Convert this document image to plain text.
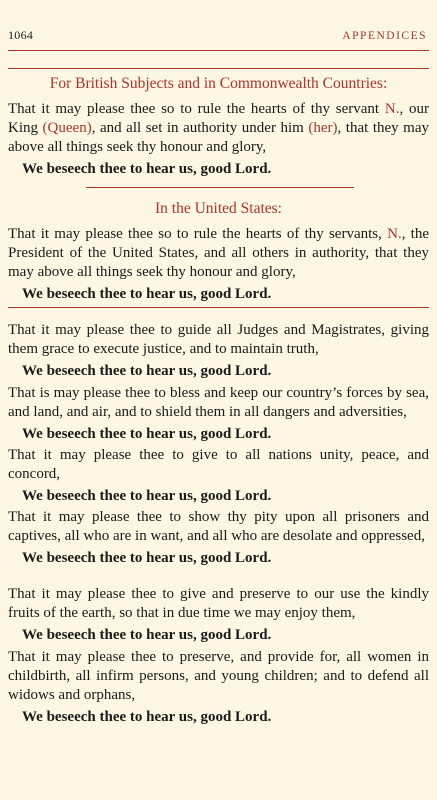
1064	APPENDICES
For British Subjects and in Commonwealth Countries:

That it may please thee so to rule the hearts of thy servant N., our King (Queen), and all set in authority under him (her), that they may above all things seek thy honour and glory,

We beseech thee to hear us, good Lord.
In the United States:

That it may please thee so to rule the hearts of thy servants, N., the President of the United States, and all others in authority, that they may above all things seek thy honour and glory,

We beseech thee to hear us, good Lord.

That it may please thee to guide all Judges and Magistrates, giving them grace to execute justice, and to maintain truth,

We beseech thee to hear us, good Lord.

That is may please thee to bless and keep our country’s forces by sea, and land, and air, and to shield them in all dangers and adversities,

We beseech thee to hear us, good Lord.

That it may please thee to give to all nations unity, peace, and concord,

We beseech thee to hear us, good Lord.

That it may please thee to show thy pity upon all prisoners and captives, all who are in want, and all who are desolate and oppressed,

We beseech thee to hear us, good Lord.

That it may please thee to give and preserve to our use the kindly fruits of the earth, so that in due time we may enjoy them,

We beseech thee to hear us, good Lord.

That it may please thee to preserve, and provide for, all women in childbirth, all infirm persons, and young children; and to defend all widows and orphans,

We beseech thee to hear us, good Lord.
